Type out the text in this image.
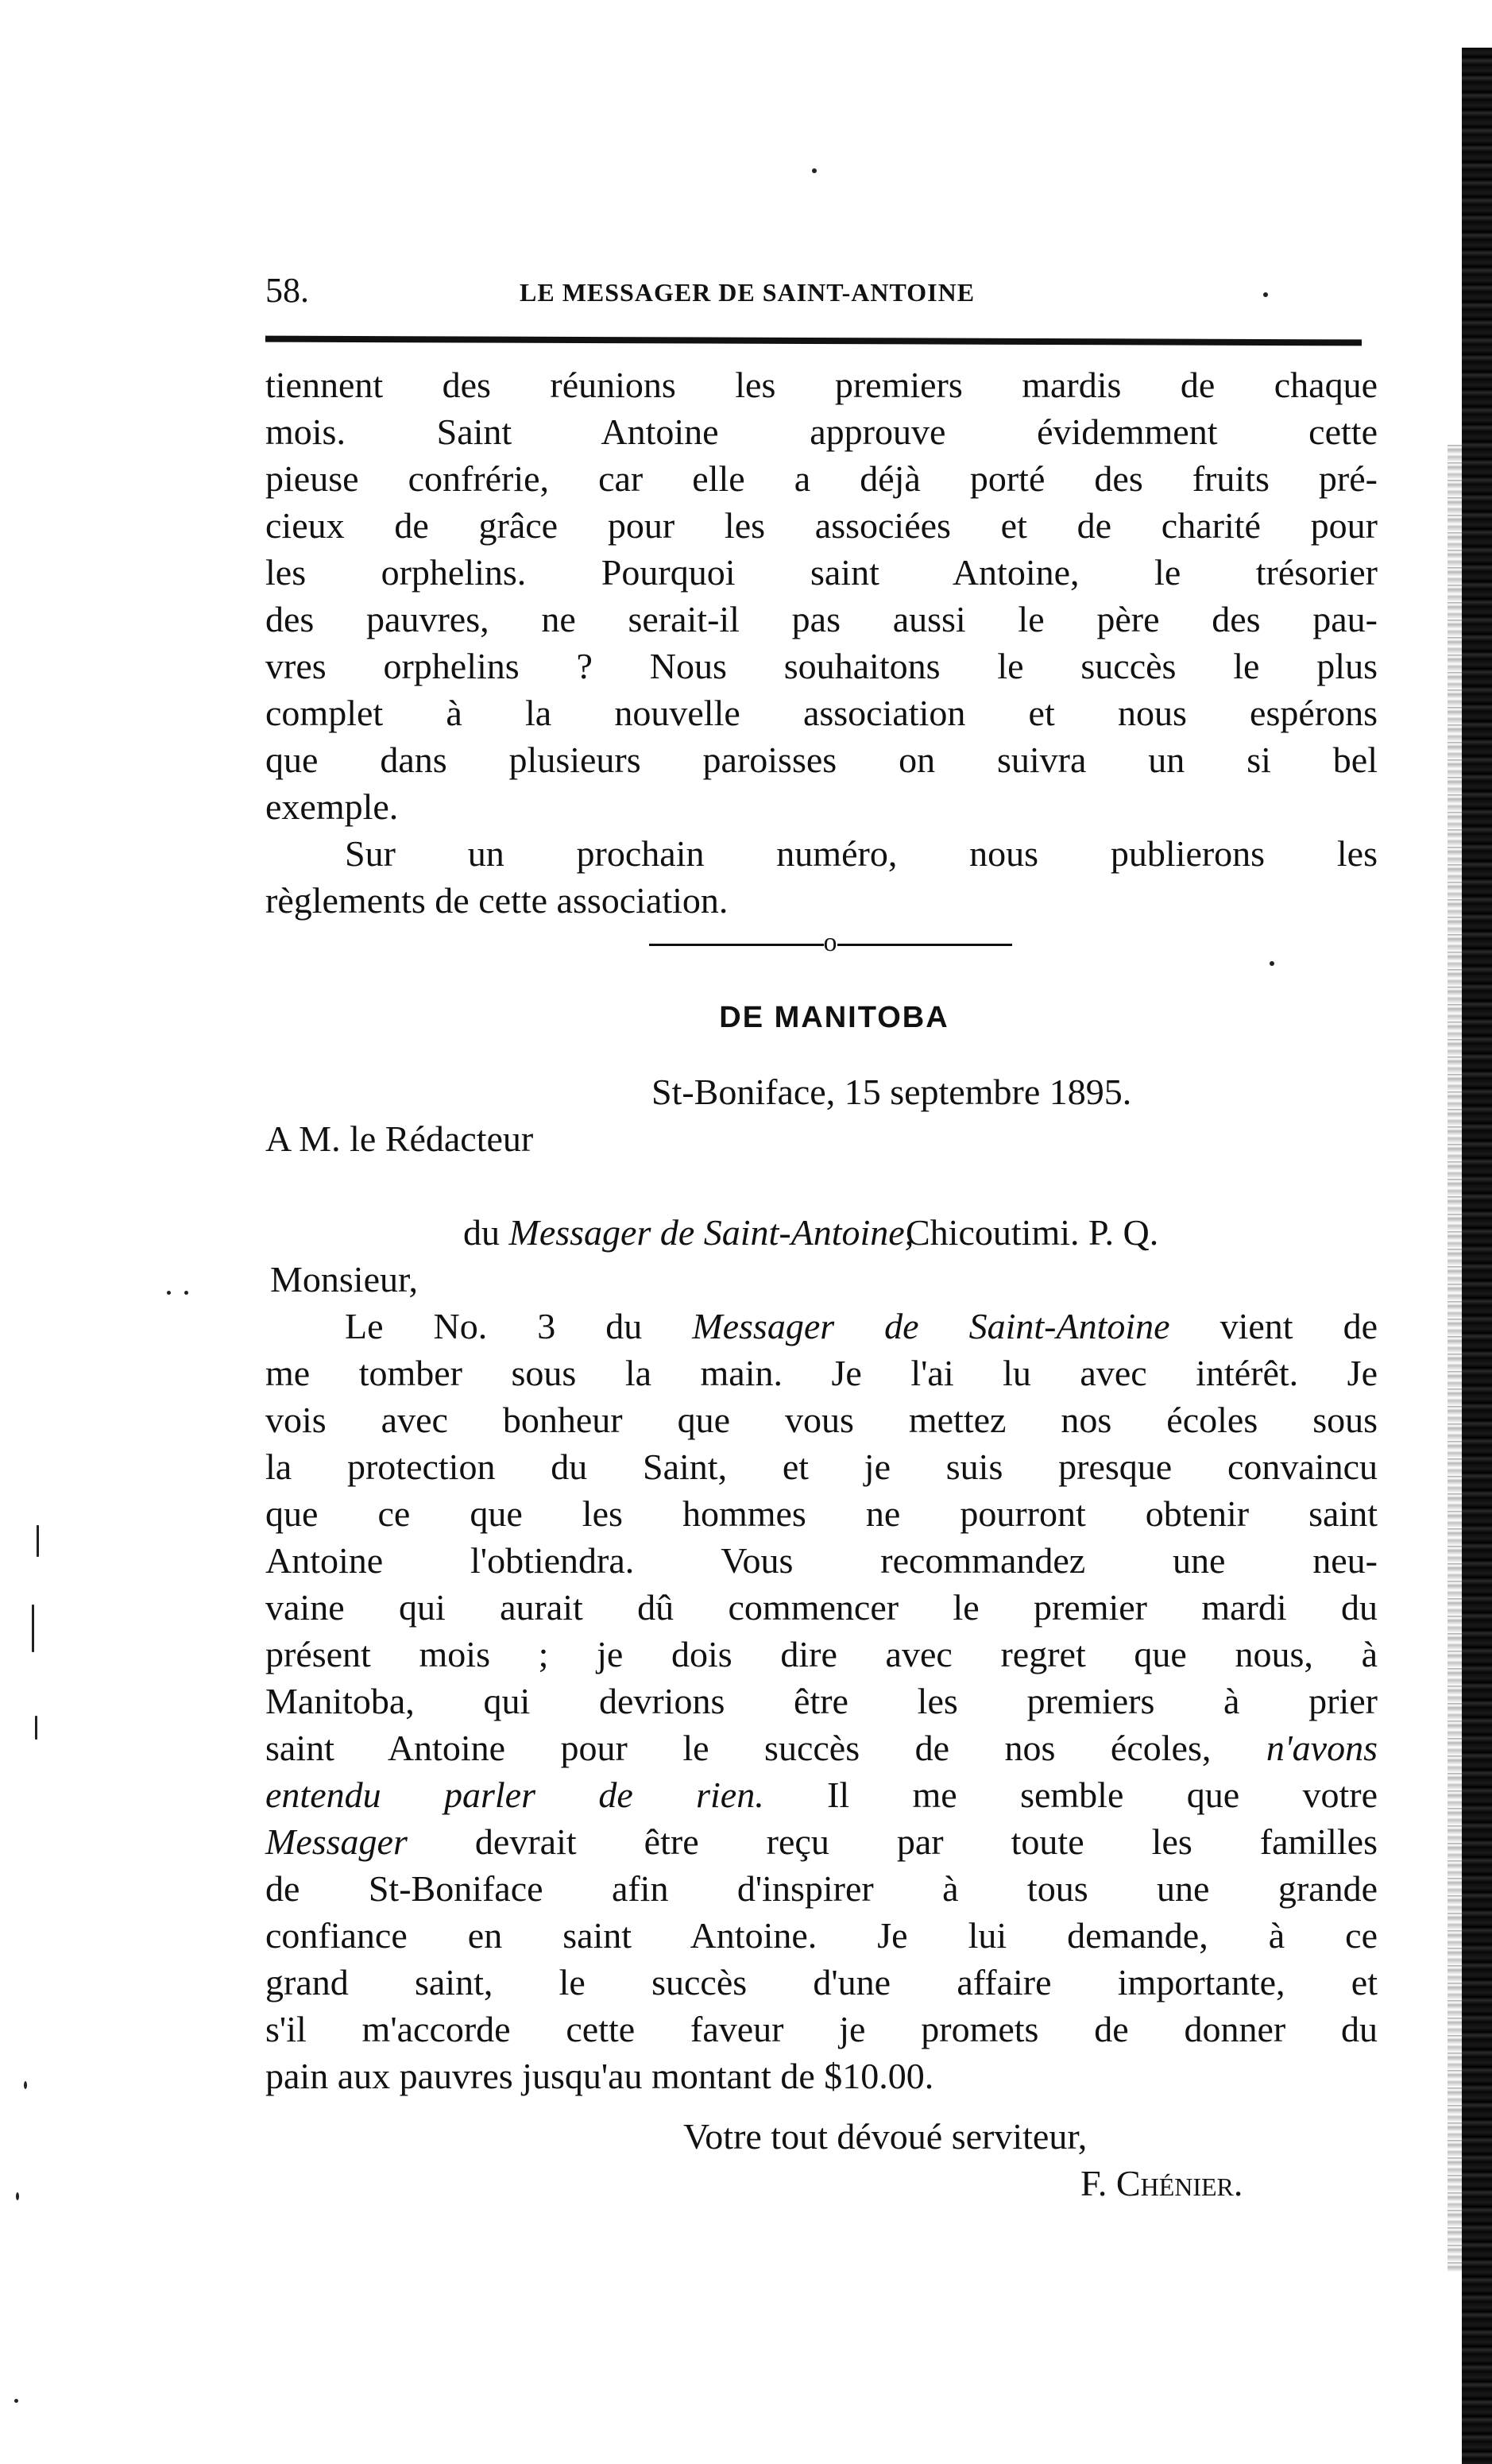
58.	LE MESSAGER DE SAINT-ANTOINE
tiennent des réunions les premiers mardis de chaque
mois. Saint Antoine approuve évidemment cette
pieuse confrérie, car elle a déjà porté des fruits pré-
cieux de grâce pour les associées et de charité pour
les orphelins. Pourquoi saint Antoine, le trésorier
des pauvres, ne serait-il pas aussi le père des pau-
vres orphelins ? Nous souhaitons le succès le plus
complet à la nouvelle association et nous espérons
que dans plusieurs paroisses on suivra un si bel
exemple.
Sur un prochain numéro, nous publierons les
règlements de cette association.
o
DE MANITOBA
St-Boniface, 15 septembre 1895.
A M. le Rédacteur

du Messager de Saint-Antoine,

Chicoutimi. P. Q.
Monsieur,
Le No. 3 du Messager de Saint-Antoine vient de
me tomber sous la main. Je l'ai lu avec intérêt. Je
vois avec bonheur que vous mettez nos écoles sous
la protection du Saint, et je suis presque convaincu
que ce que les hommes ne pourront obtenir saint
Antoine l'obtiendra. Vous recommandez une neu-
vaine qui aurait dû commencer le premier mardi du
présent mois ; je dois dire avec regret que nous, à
Manitoba, qui devrions être les premiers à prier
saint Antoine pour le succès de nos écoles, n'avons
entendu parler de rien. Il me semble que votre
Messager devrait être reçu par toute les familles
de St-Boniface afin d'inspirer à tous une grande
confiance en saint Antoine. Je lui demande, à ce
grand saint, le succès d'une affaire importante, et
s'il m'accorde cette faveur je promets de donner du
pain aux pauvres jusqu'au montant de $10.00.
Votre tout dévoué serviteur,
F. Chénier.
